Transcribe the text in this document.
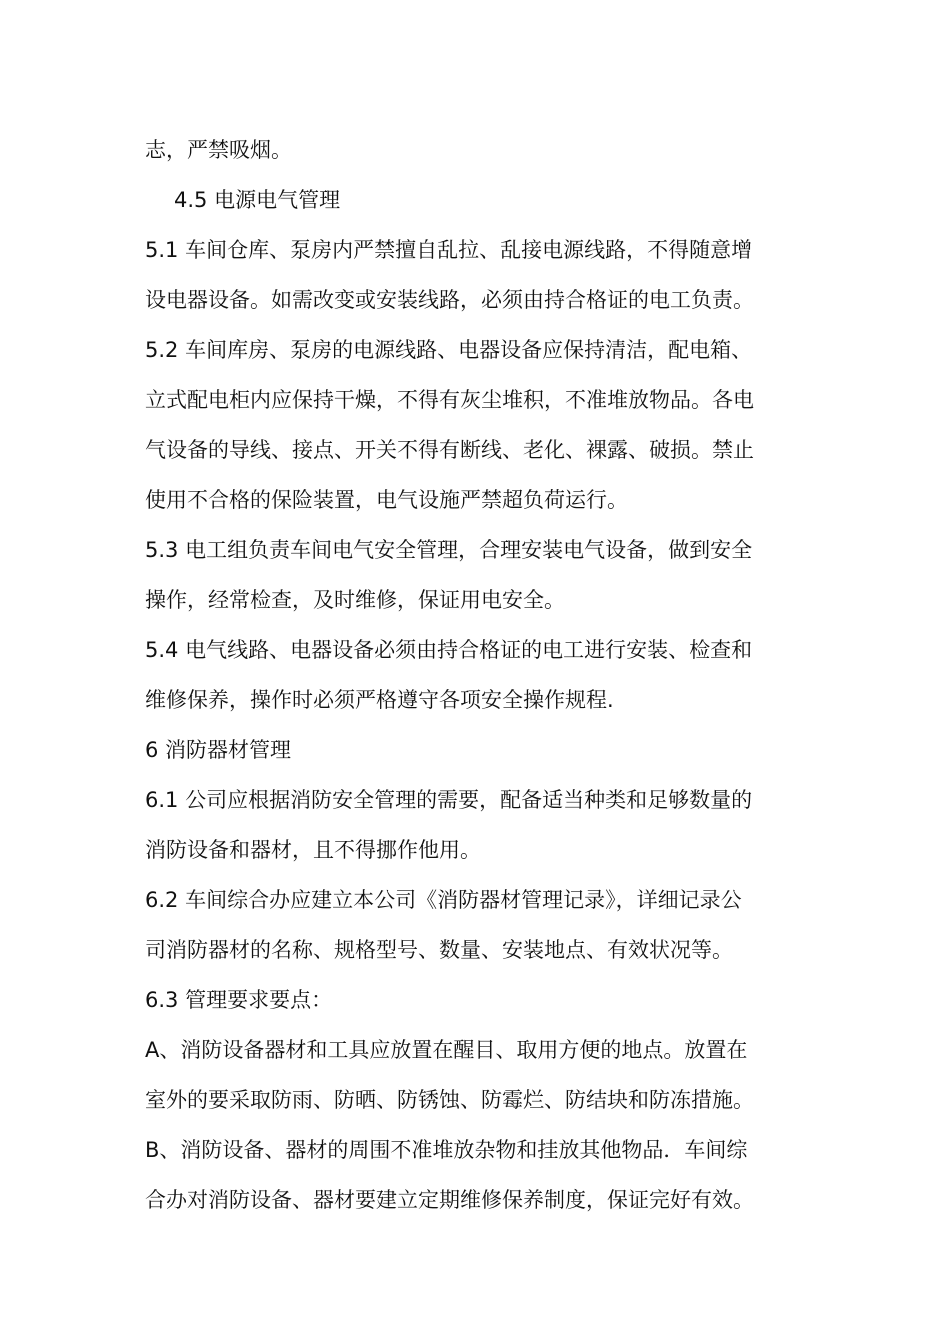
志，严禁吸烟。
4.5 电源电气管理
5.1 车间仓库、泵房内严禁擅自乱拉、乱接电源线路，不得随意增
设电器设备。如需改变或安装线路，必须由持合格证的电工负责。
5.2 车间库房、泵房的电源线路、电器设备应保持清洁，配电箱、
立式配电柜内应保持干燥，不得有灰尘堆积，不准堆放物品。各电
气设备的导线、接点、开关不得有断线、老化、裸露、破损。禁止
使用不合格的保险装置，电气设施严禁超负荷运行。
5.3 电工组负责车间电气安全管理，合理安装电气设备，做到安全
操作，经常检查，及时维修，保证用电安全。
5.4 电气线路、电器设备必须由持合格证的电工进行安装、检查和
维修保养，操作时必须严格遵守各项安全操作规程.
6 消防器材管理
6.1 公司应根据消防安全管理的需要，配备适当种类和足够数量的
消防设备和器材，且不得挪作他用。
6.2 车间综合办应建立本公司《消防器材管理记录》，详细记录公
司消防器材的名称、规格型号、数量、安装地点、有效状况等。
6.3 管理要求要点：
A、消防设备器材和工具应放置在醒目、取用方便的地点。放置在
室外的要采取防雨、防晒、防锈蚀、防霉烂、防结块和防冻措施。
B、消防设备、器材的周围不准堆放杂物和挂放其他物品．车间综
合办对消防设备、器材要建立定期维修保养制度，保证完好有效。
